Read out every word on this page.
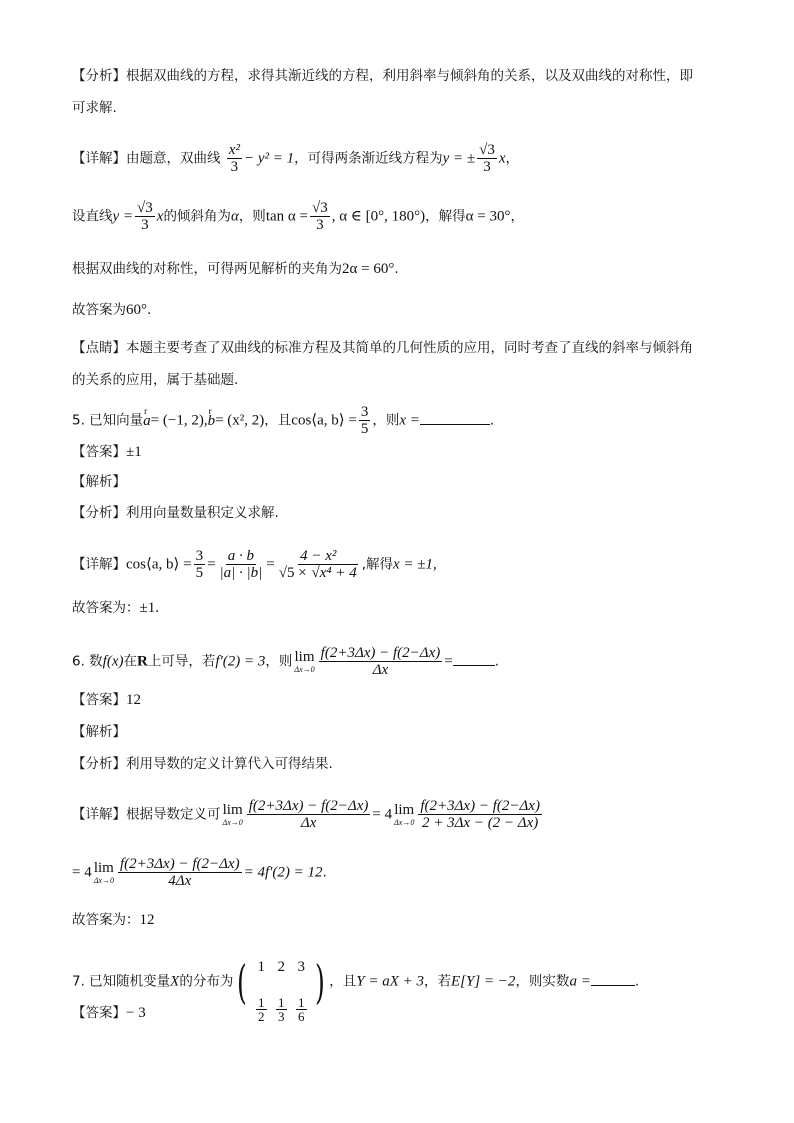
【分析】根据双曲线的方程，求得其渐近线的方程，利用斜率与倾斜角的关系，以及双曲线的对称性，即
可求解.
【详解】由题意，双曲线 $\frac{\text{x²}}{3} - y^2 = 1$，可得两条渐近线方程为y = ± $\frac{√3}{3}$ x，
设直线$y = \frac{√3}{3}$ x的倾斜角为α，则$\tan \alpha = \frac{√3}{3}$ , α ∈ [0°, 180°)，解得α = 30°，
根据双曲线的对称性，可得两见解析的夹角为2α = 60°.
故答案为60°.
【点睛】本题主要考查了双曲线的标准方程及其简单的几何性质的应用，同时考查了直线的斜率与倾斜角
的关系的应用，属于基础题.
5. 已知向量r a= (−1, 2),r b= (x², 2)，且cos⟨a, b⟩ = $\frac{3}{5}$ ，则x =	.
【答案】±1
【解析】
【分析】利用向量数量积定义求解.
【详解】cos⟨a, b⟩ = $\frac{3}{5} = \frac{a \cdot b}{|a| \cdot |b|} = \frac{\text{4 − x²}}{\text{√5 × √x⁴ + 4}}$ ,解得x = ±1,
故答案为：±1.
6. 数f(x)在R上可导，若f′(2) = 3，则 lim
$\Delta x\to 0 \frac{f(2+3\Delta x) - f(2-\Delta x)}{\Delta x}$ =	.
【答案】12
【解析】
【分析】利用导数的定义计算代入可得结果.
【详解】根据导数定义可 lim
$\Delta x\to 0 \frac{f(2+3\Delta x) - f(2-\Delta x)}{\Delta x} = 4$ lim
$\Delta x\to 0 \frac{f(2+3\Delta x) - f(2-\Delta x)}{2 + 3\Delta x - (2 - \Delta x)}$
= 4 lim
$\Delta x\to 0 \frac{f(2+3\Delta x) - f(2-\Delta x)}{4\Delta x} = 4f'(2) = 12$.
故答案为：12
7. 已知随机变量X的分布为 ( 1 2 3
$\frac{1}{2} \frac{1}{3} \frac{1}{6}$
) ，且Y = aX + 3，若E[Y] = −2，则实数a =	.
【答案】− 3
